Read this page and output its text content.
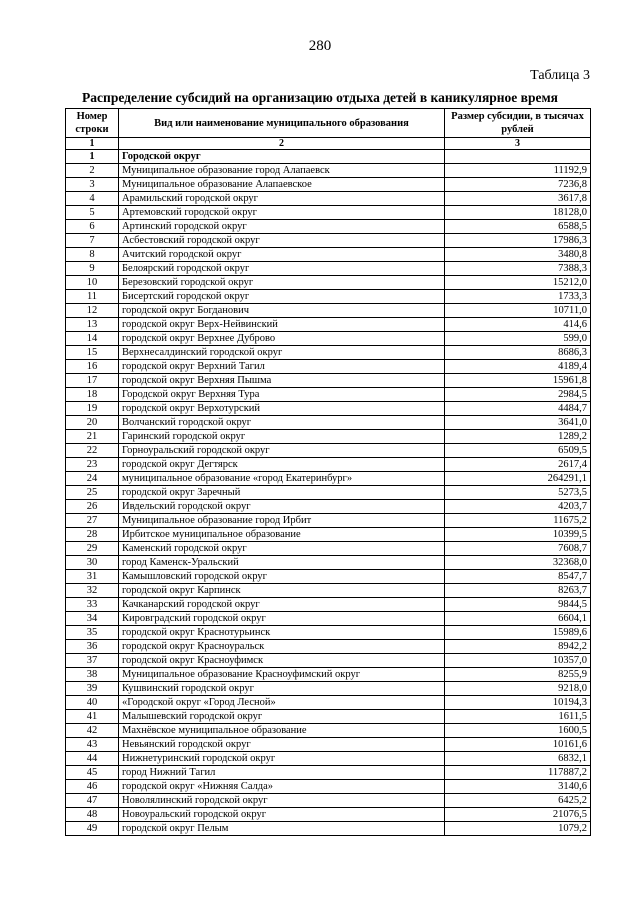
280
Таблица 3
Распределение субсидий на организацию отдыха детей в каникулярное время
Номер строки	Вид или наименование муниципального образования	Размер субсидии, в тысячах рублей
1	2	3
1	Городской округ	
2	Муниципальное образование город Алапаевск	11192,9
3	Муниципальное образование Алапаевское	7236,8
4	Арамильский городской округ	3617,8
5	Артемовский городской округ	18128,0
6	Артинский городской округ	6588,5
7	Асбестовский городской округ	17986,3
8	Ачитский городской округ	3480,8
9	Белоярский городской округ	7388,3
10	Березовский городской округ	15212,0
11	Бисертский городской округ	1733,3
12	городской округ Богданович	10711,0
13	городской округ Верх-Нейвинский	414,6
14	городской округ Верхнее Дуброво	599,0
15	Верхнесалдинский городской округ	8686,3
16	городской округ Верхний Тагил	4189,4
17	городской округ Верхняя Пышма	15961,8
18	Городской округ Верхняя Тура	2984,5
19	городской округ Верхотурский	4484,7
20	Волчанский городской округ	3641,0
21	Гаринский городской округ	1289,2
22	Горноуральский городской округ	6509,5
23	городской округ Дегтярск	2617,4
24	муниципальное образование «город Екатеринбург»	264291,1
25	городской округ Заречный	5273,5
26	Ивдельский городской округ	4203,7
27	Муниципальное образование город Ирбит	11675,2
28	Ирбитское муниципальное образование	10399,5
29	Каменский городской округ	7608,7
30	город Каменск-Уральский	32368,0
31	Камышловский городской округ	8547,7
32	городской округ Карпинск	8263,7
33	Качканарский городской округ	9844,5
34	Кировградский городской округ	6604,1
35	городской округ Краснотурьинск	15989,6
36	городской округ Красноуральск	8942,2
37	городской округ Красноуфимск	10357,0
38	Муниципальное образование Красноуфимский округ	8255,9
39	Кушвинский городской округ	9218,0
40	«Городской округ «Город Лесной»	10194,3
41	Малышевский городской округ	1611,5
42	Махнёвское муниципальное образование	1600,5
43	Невьянский городской округ	10161,6
44	Нижнетуринский городской округ	6832,1
45	город Нижний Тагил	117887,2
46	городской округ «Нижняя Салда»	3140,6
47	Новолялинский городской округ	6425,2
48	Новоуральский городской округ	21076,5
49	городской округ Пелым	1079,2
